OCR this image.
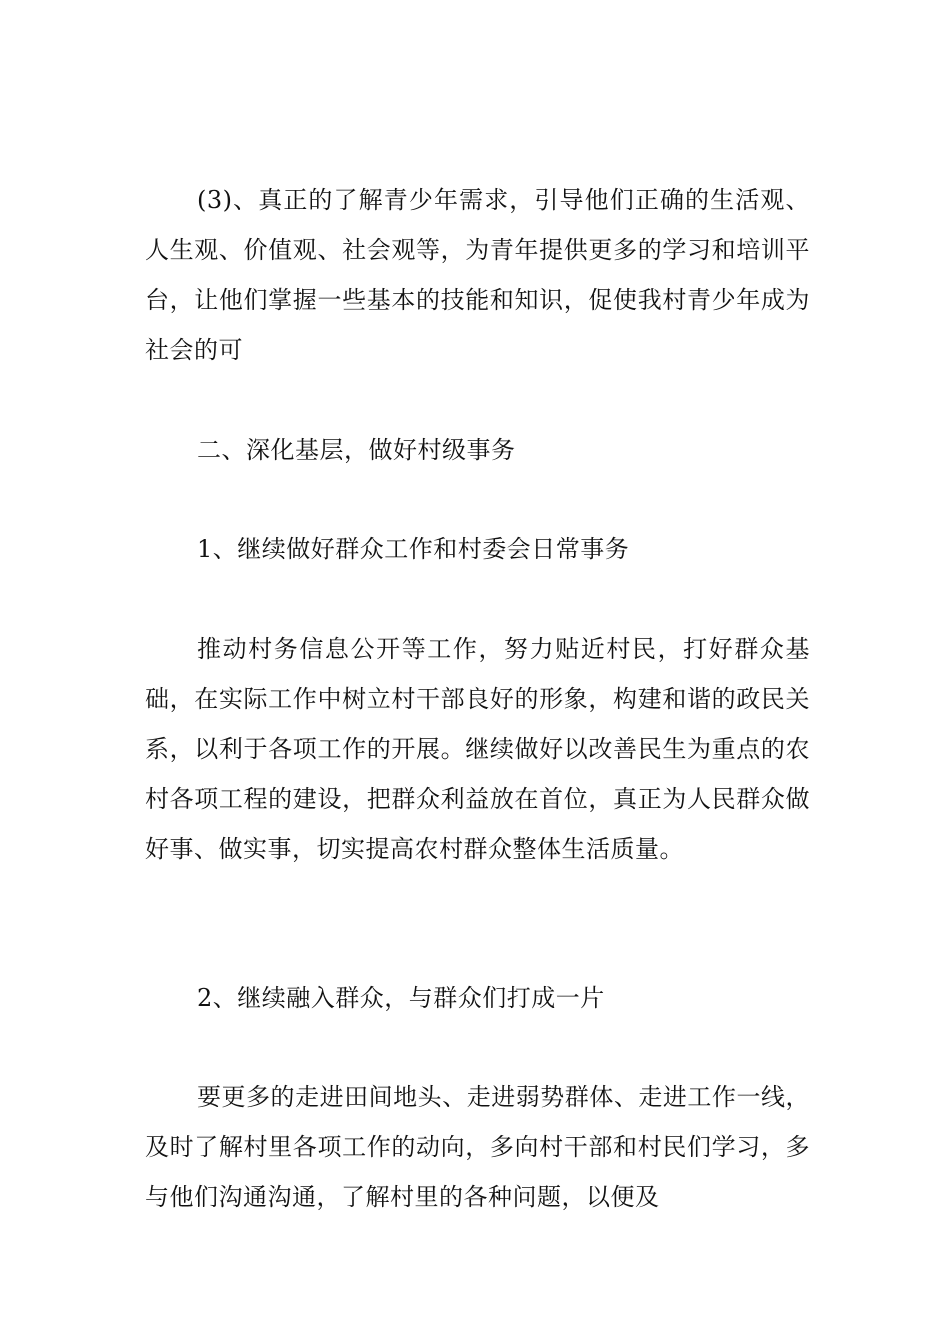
(3)、真正的了解青少年需求，引导他们正确的生活观、人生观、价值观、社会观等，为青年提供更多的学习和培训平台，让他们掌握一些基本的技能和知识，促使我村青少年成为社会的可

二、深化基层，做好村级事务

1、继续做好群众工作和村委会日常事务

推动村务信息公开等工作，努力贴近村民，打好群众基础，在实际工作中树立村干部良好的形象，构建和谐的政民关系，以利于各项工作的开展。继续做好以改善民生为重点的农村各项工程的建设，把群众利益放在首位，真正为人民群众做好事、做实事，切实提高农村群众整体生活质量。

2、继续融入群众，与群众们打成一片

要更多的走进田间地头、走进弱势群体、走进工作一线，及时了解村里各项工作的动向，多向村干部和村民们学习，多与他们沟通沟通，了解村里的各种问题，以便及
